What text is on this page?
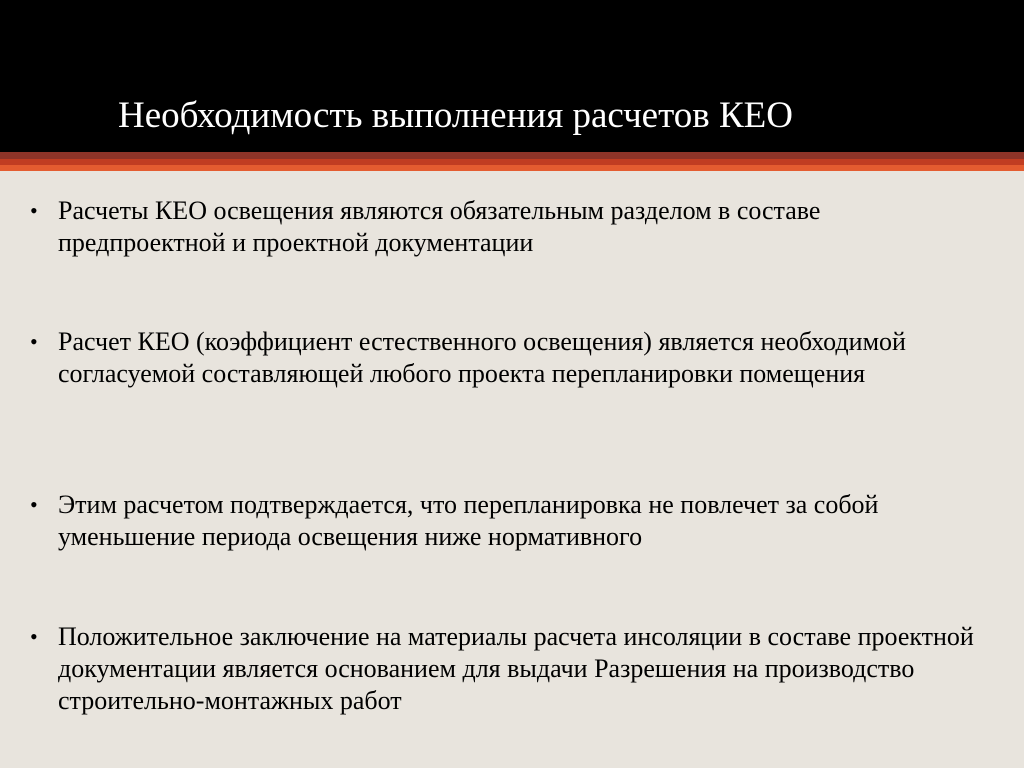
Необходимость выполнения расчетов КЕО
• Расчеты КЕО освещения являются обязательным разделом в составе предпроектной и проектной документации
• Расчет КЕО (коэффициент естественного освещения) является необходимой согласуемой составляющей любого проекта перепланировки помещения
• Этим расчетом подтверждается, что перепланировка не повлечет за собой уменьшение периода освещения ниже нормативного
• Положительное заключение на материалы расчета инсоляции в составе проектной документации является основанием для выдачи Разрешения на производство строительно-монтажных работ
